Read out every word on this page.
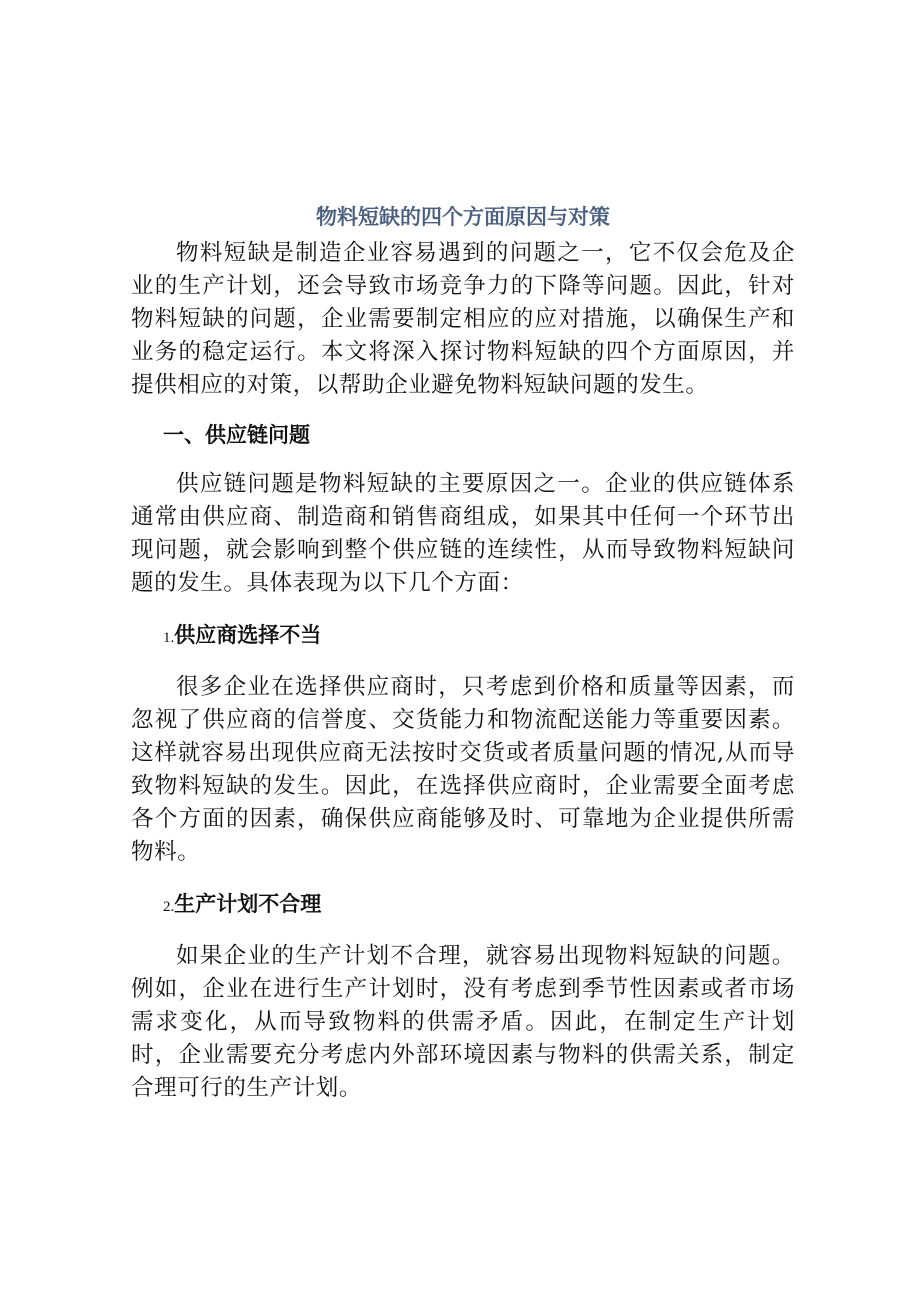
物料短缺的四个方面原因与对策

物料短缺是制造企业容易遇到的问题之一，它不仅会危及企业的生产计划，还会导致市场竞争力的下降等问题。因此，针对物料短缺的问题，企业需要制定相应的应对措施，以确保生产和业务的稳定运行。本文将深入探讨物料短缺的四个方面原因，并提供相应的对策，以帮助企业避免物料短缺问题的发生。

一、供应链问题

供应链问题是物料短缺的主要原因之一。企业的供应链体系通常由供应商、制造商和销售商组成，如果其中任何一个环节出现问题，就会影响到整个供应链的连续性，从而导致物料短缺问题的发生。具体表现为以下几个方面：

1.供应商选择不当

很多企业在选择供应商时，只考虑到价格和质量等因素，而忽视了供应商的信誉度、交货能力和物流配送能力等重要因素。这样就容易出现供应商无法按时交货或者质量问题的情况,从而导致物料短缺的发生。因此，在选择供应商时，企业需要全面考虑各个方面的因素，确保供应商能够及时、可靠地为企业提供所需物料。

2.生产计划不合理

如果企业的生产计划不合理，就容易出现物料短缺的问题。例如，企业在进行生产计划时，没有考虑到季节性因素或者市场需求变化，从而导致物料的供需矛盾。因此，在制定生产计划时，企业需要充分考虑内外部环境因素与物料的供需关系，制定合理可行的生产计划。
